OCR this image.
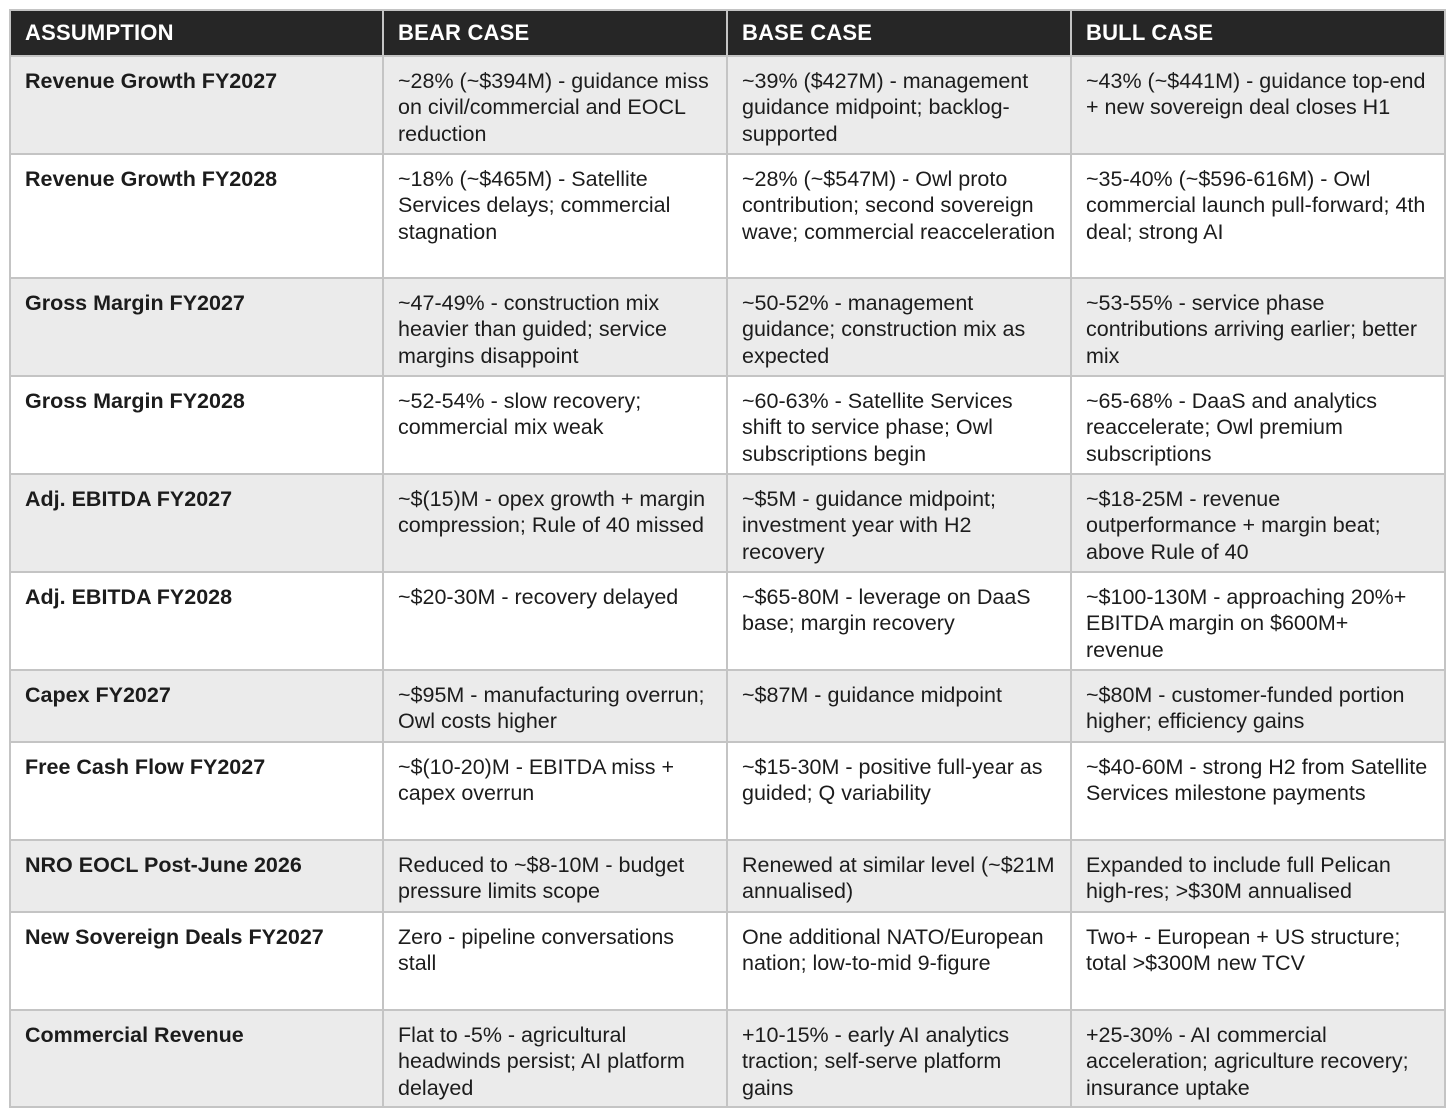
ASSUMPTION	BEAR CASE	BASE CASE	BULL CASE
Revenue Growth FY2027	~28% (~$394M) - guidance miss on civil/commercial and EOCL reduction	~39% ($427M) - management guidance midpoint; backlog-supported	~43% (~$441M) - guidance top-end + new sovereign deal closes H1
Revenue Growth FY2028	~18% (~$465M) - Satellite Services delays; commercial stagnation	~28% (~$547M) - Owl proto contribution; second sovereign wave; commercial reacceleration	~35-40% (~$596-616M) - Owl commercial launch pull-forward; 4th deal; strong AI
Gross Margin FY2027	~47-49% - construction mix heavier than guided; service margins disappoint	~50-52% - management guidance; construction mix as expected	~53-55% - service phase contributions arriving earlier; better mix
Gross Margin FY2028	~52-54% - slow recovery; commercial mix weak	~60-63% - Satellite Services shift to service phase; Owl subscriptions begin	~65-68% - DaaS and analytics reaccelerate; Owl premium subscriptions
Adj. EBITDA FY2027	~$(15)M - opex growth + margin compression; Rule of 40 missed	~$5M - guidance midpoint; investment year with H2 recovery	~$18-25M - revenue outperformance + margin beat; above Rule of 40
Adj. EBITDA FY2028	~$20-30M - recovery delayed	~$65-80M - leverage on DaaS base; margin recovery	~$100-130M - approaching 20%+ EBITDA margin on $600M+ revenue
Capex FY2027	~$95M - manufacturing overrun; Owl costs higher	~$87M - guidance midpoint	~$80M - customer-funded portion higher; efficiency gains
Free Cash Flow FY2027	~$(10-20)M - EBITDA miss + capex overrun	~$15-30M - positive full-year as guided; Q variability	~$40-60M - strong H2 from Satellite Services milestone payments
NRO EOCL Post-June 2026	Reduced to ~$8-10M - budget pressure limits scope	Renewed at similar level (~$21M annualised)	Expanded to include full Pelican high-res; >$30M annualised
New Sovereign Deals FY2027	Zero - pipeline conversations stall	One additional NATO/European nation; low-to-mid 9-figure	Two+ - European + US structure; total >$300M new TCV
Commercial Revenue	Flat to -5% - agricultural headwinds persist; AI platform delayed	+10-15% - early AI analytics traction; self-serve platform gains	+25-30% - AI commercial acceleration; agriculture recovery; insurance uptake
